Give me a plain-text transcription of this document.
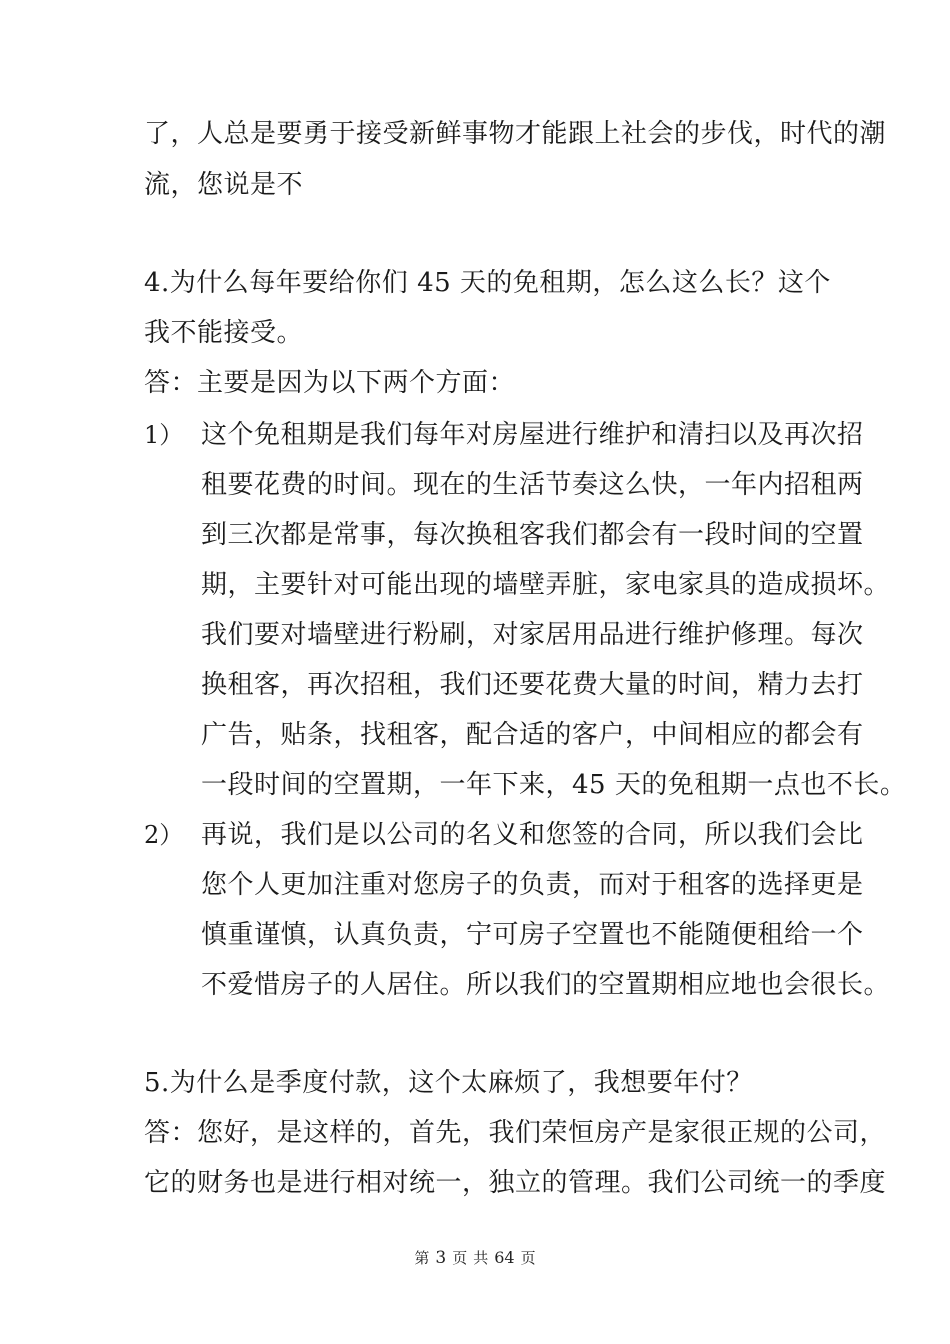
了，人总是要勇于接受新鲜事物才能跟上社会的步伐，时代的潮
流，您说是不
4.为什么每年要给你们 45 天的免租期，怎么这么长？这个
我不能接受。
答：主要是因为以下两个方面：
1） 这个免租期是我们每年对房屋进行维护和清扫以及再次招
租要花费的时间。现在的生活节奏这么快，一年内招租两
到三次都是常事，每次换租客我们都会有一段时间的空置
期，主要针对可能出现的墙壁弄脏，家电家具的造成损坏。
我们要对墙壁进行粉刷，对家居用品进行维护修理。每次
换租客，再次招租，我们还要花费大量的时间，精力去打
广告，贴条，找租客，配合适的客户，中间相应的都会有
一段时间的空置期，一年下来，45 天的免租期一点也不长。
2） 再说，我们是以公司的名义和您签的合同，所以我们会比
您个人更加注重对您房子的负责，而对于租客的选择更是
慎重谨慎，认真负责，宁可房子空置也不能随便租给一个
不爱惜房子的人居住。所以我们的空置期相应地也会很长。
5.为什么是季度付款，这个太麻烦了，我想要年付？
答：您好，是这样的，首先，我们荣恒房产是家很正规的公司，
它的财务也是进行相对统一，独立的管理。我们公司统一的季度
第 3 页 共 64 页
